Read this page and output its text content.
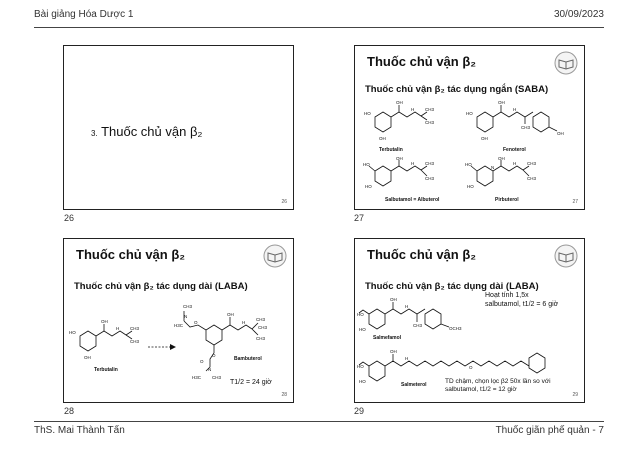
Bài giảng Hóa Dược 1	30/09/2023
3. Thuốc chủ vận β₂
26
26
Thuốc chủ vận β₂
Thuốc chủ vận β₂ tác dụng ngắn (SABA)
OH
H
HO
OH
CH3
CH3
Terbutalin
OH
H
HO
OH
CH3
OH
Fenoterol
OH
H
HO
HO
CH3
CH3
Salbutamol = Albuterol
N
OH
H
HO
HO
CH3
CH3
Pirbuterol	27
27
Thuốc chủ vận β₂
Thuốc chủ vận β₂ tác dụng dài (LABA)
OH
H
HO
OH
CH3
CH3
Terbutalin
OH
H
CH3
CH3
CH3
O
CH3
H3C
N
O
O
N
H3C CH3
Bambuterol
T1/2 = 24 giờ
28
28
Thuốc chủ vận β₂
Thuốc chủ vận β₂ tác dụng dài (LABA)
OH
H
HO
HO
CH3
OCH3
Salmefamol
Hoạt tính 1,5x
salbutamol, t1/2 = 6 giờ
OH
H
O
HO
HO
Salmeterol	TD chậm, chọn lọc β2 50x lần so với
salbutamol, t1/2 = 12 giờ
29
29
ThS. Mai Thành Tấn	Thuốc giãn phế quản - 7
